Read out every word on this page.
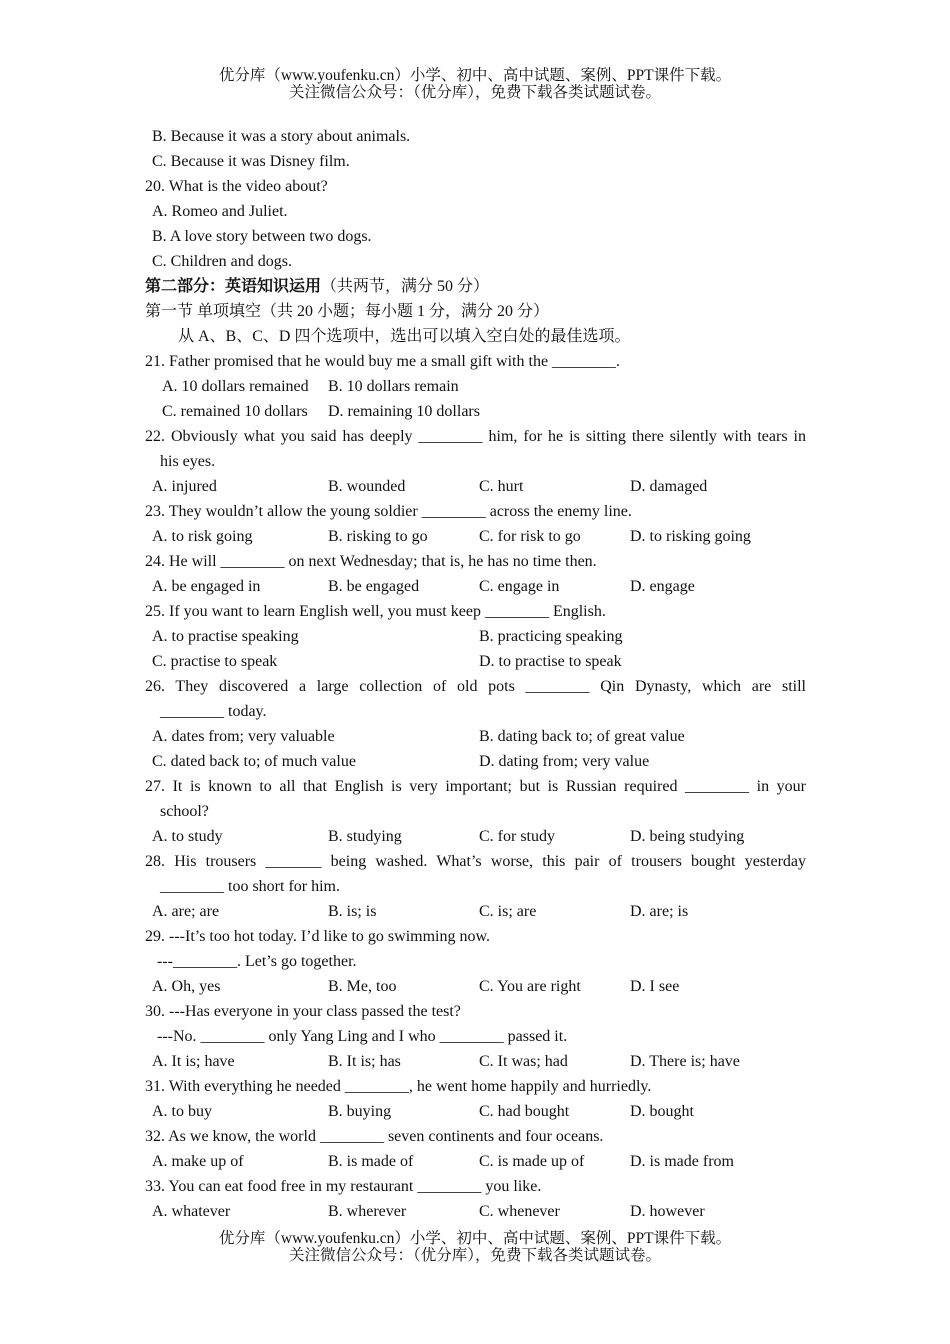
优分库（www.youfenku.cn）小学、初中、高中试题、案例、PPT课件下载。
关注微信公众号：（优分库），免费下载各类试题试卷。
B. Because it was a story about animals.
C. Because it was Disney film.
20. What is the video about?
A. Romeo and Juliet.
B. A love story between two dogs.
C. Children and dogs.
第二部分：英语知识运用（共两节，满分 50 分）
第一节 单项填空（共 20 小题；每小题 1 分，满分 20 分）
从 A、B、C、D 四个选项中，选出可以填入空白处的最佳选项。
21. Father promised that he would buy me a small gift with the ________.
A. 10 dollars remained B. 10 dollars remain
C. remained 10 dollars D. remaining 10 dollars
22. Obviously what you said has deeply ________ him, for he is sitting there silently with tears in
his eyes.
A. injured	B. wounded	C. hurt	D. damaged
23. They wouldn’t allow the young soldier ________ across the enemy line.
A. to risk going	B. risking to go	C. for risk to go	D. to risking going
24. He will ________ on next Wednesday; that is, he has no time then.
A. be engaged in	B. be engaged	C. engage in	D. engage
25. If you want to learn English well, you must keep ________ English.
A. to practise speaking	B. practicing speaking
C. practise to speak	D. to practise to speak
26. They discovered a large collection of old pots ________ Qin Dynasty, which are still
________ today.
A. dates from; very valuable	B. dating back to; of great value
C. dated back to; of much value	D. dating from; very value
27. It is known to all that English is very important; but is Russian required ________ in your
school?
A. to study	B. studying	C. for study	D. being studying
28. His trousers _______ being washed. What’s worse, this pair of trousers bought yesterday
________ too short for him.
A. are; are	B. is; is	C. is; are	D. are; is
29. ---It’s too hot today. I’d like to go swimming now.
---________. Let’s go together.
A. Oh, yes	B. Me, too	C. You are right	D. I see
30. ---Has everyone in your class passed the test?
---No. ________ only Yang Ling and I who ________ passed it.
A. It is; have	B. It is; has	C. It was; had	D. There is; have
31. With everything he needed ________, he went home happily and hurriedly.
A. to buy	B. buying	C. had bought	D. bought
32. As we know, the world ________ seven continents and four oceans.
A. make up of	B. is made of	C. is made up of	D. is made from
33. You can eat food free in my restaurant ________ you like.
A. whatever	B. wherever	C. whenever	D. however
优分库（www.youfenku.cn）小学、初中、高中试题、案例、PPT课件下载。
关注微信公众号：（优分库），免费下载各类试题试卷。
